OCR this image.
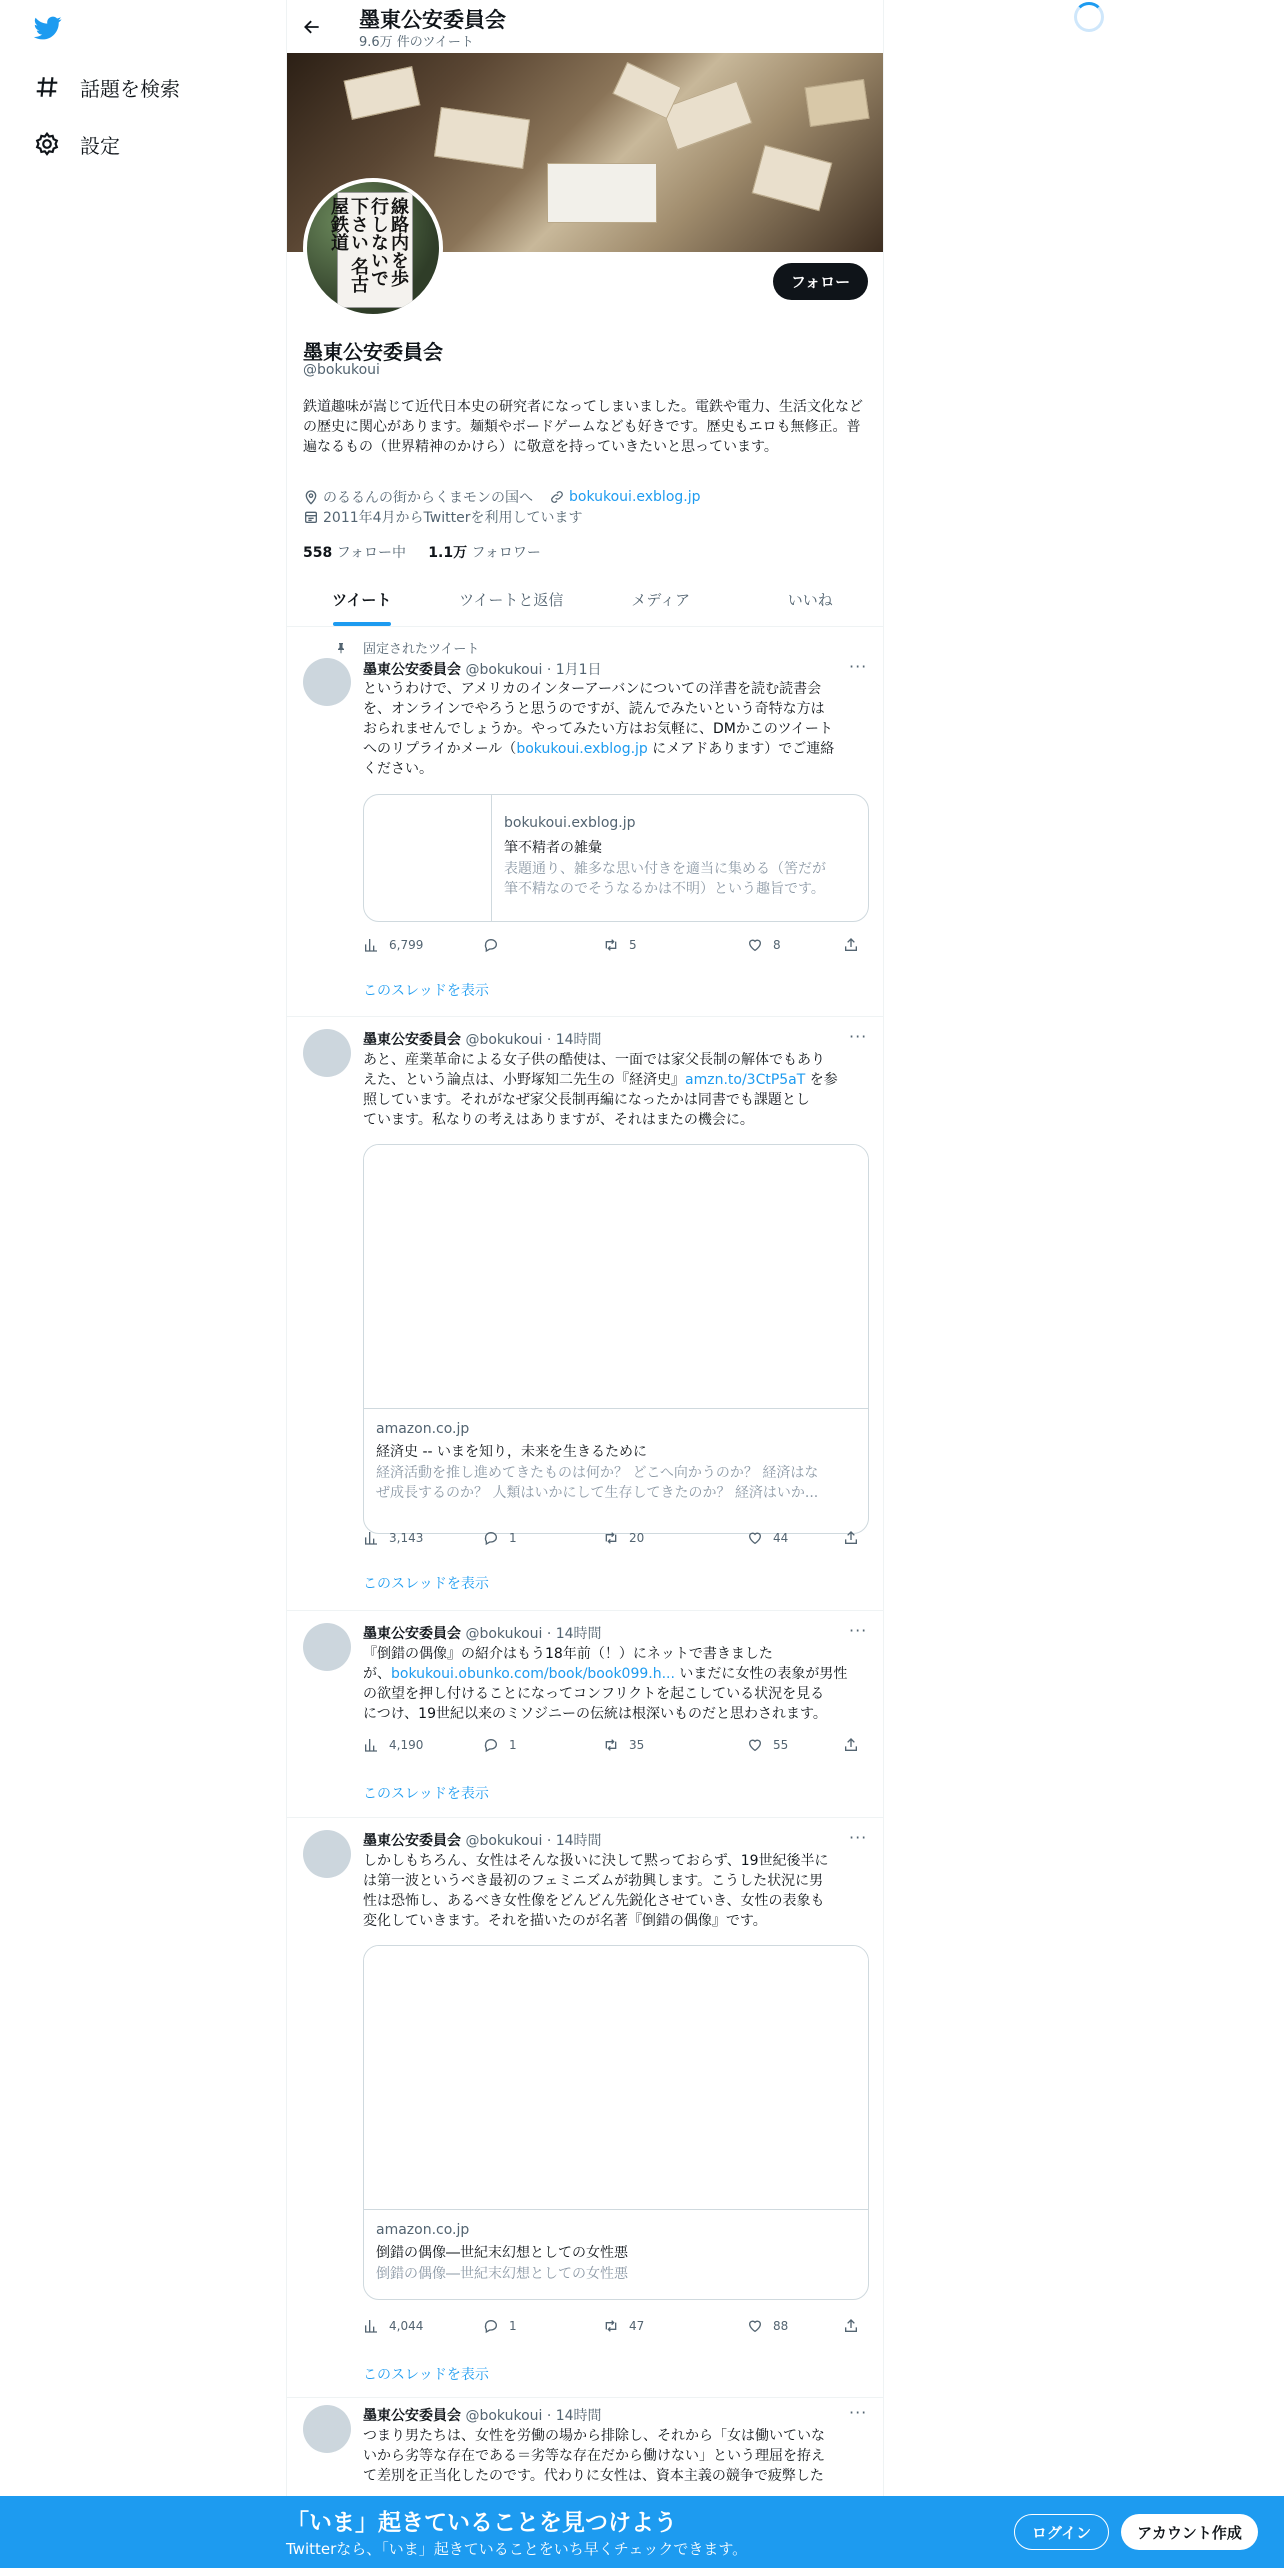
話題を検索
設定
墨東公安委員会
9.6万 件のツイート
線路内を歩行しないで下さい 名古屋鉄道
フォロー
墨東公安委員会
@bokukoui
鉄道趣味が嵩じて近代日本史の研究者になってしまいました。電鉄や電力、生活文化などの歴史に関心があります。麺類やボードゲームなども好きです。歴史もエロも無修正。普遍なるもの（世界精神のかけら）に敬意を持っていきたいと思っています。
のるるんの街からくまモンの国へ	bokukoui.exblog.jp
2011年4月からTwitterを利用しています
558 フォロー中 1.1万 フォロワー
ツイート	ツイートと返信	メディア	いいね
固定されたツイート
墨東公安委員会 @bokukoui · 1月1日	···
というわけで、アメリカのインターアーバンについての洋書を読む読書会
を、オンラインでやろうと思うのですが、読んでみたいという奇特な方は
おられませんでしょうか。やってみたい方はお気軽に、DMかこのツイート
へのリプライかメール（bokukoui.exblog.jp にメアドあります）でご連絡
ください。
bokukoui.exblog.jp
筆不精者の雑彙
表題通り、雑多な思い付きを適当に集める（筈だが
筆不精なのでそうなるかは不明）という趣旨です。
6,799	5	8
このスレッドを表示
墨東公安委員会 @bokukoui · 14時間	···
あと、産業革命による女子供の酷使は、一面では家父長制の解体でもあり
えた、という論点は、小野塚知二先生の『経済史』amzn.to/3CtP5aT を参
照しています。それがなぜ家父長制再編になったかは同書でも課題とし
ています。私なりの考えはありますが、それはまたの機会に。
amazon.co.jp
経済史 -- いまを知り，未来を生きるために
経済活動を推し進めてきたものは何か？ どこへ向かうのか？ 経済はな
ぜ成長するのか？ 人類はいかにして生存してきたのか？ 経済はいか...
3,143	1	20	44
このスレッドを表示
墨東公安委員会 @bokukoui · 14時間	···
『倒錯の偶像』の紹介はもう18年前（！）にネットで書きました
が、bokukoui.obunko.com/book/book099.h... いまだに女性の表象が男性
の欲望を押し付けることになってコンフリクトを起こしている状況を見る
につけ、19世紀以来のミソジニーの伝統は根深いものだと思わされます。
4,190	1	35	55
このスレッドを表示
墨東公安委員会 @bokukoui · 14時間	···
しかしもちろん、女性はそんな扱いに決して黙っておらず、19世紀後半に
は第一波というべき最初のフェミニズムが勃興します。こうした状況に男
性は恐怖し、あるべき女性像をどんどん先鋭化させていき、女性の表象も
変化していきます。それを描いたのが名著『倒錯の偶像』です。
amazon.co.jp
倒錯の偶像―世紀末幻想としての女性悪
倒錯の偶像―世紀末幻想としての女性悪
4,044	1	47	88
このスレッドを表示
墨東公安委員会 @bokukoui · 14時間	···
つまり男たちは、女性を労働の場から排除し、それから「女は働いていな
いから劣等な存在である＝劣等な存在だから働けない」という理屈を拵え
て差別を正当化したのです。代わりに女性は、資本主義の競争で疲弊した
「いま」起きていることを見つけよう
Twitterなら、「いま」起きていることをいち早くチェックできます。
ログイン	アカウント作成
